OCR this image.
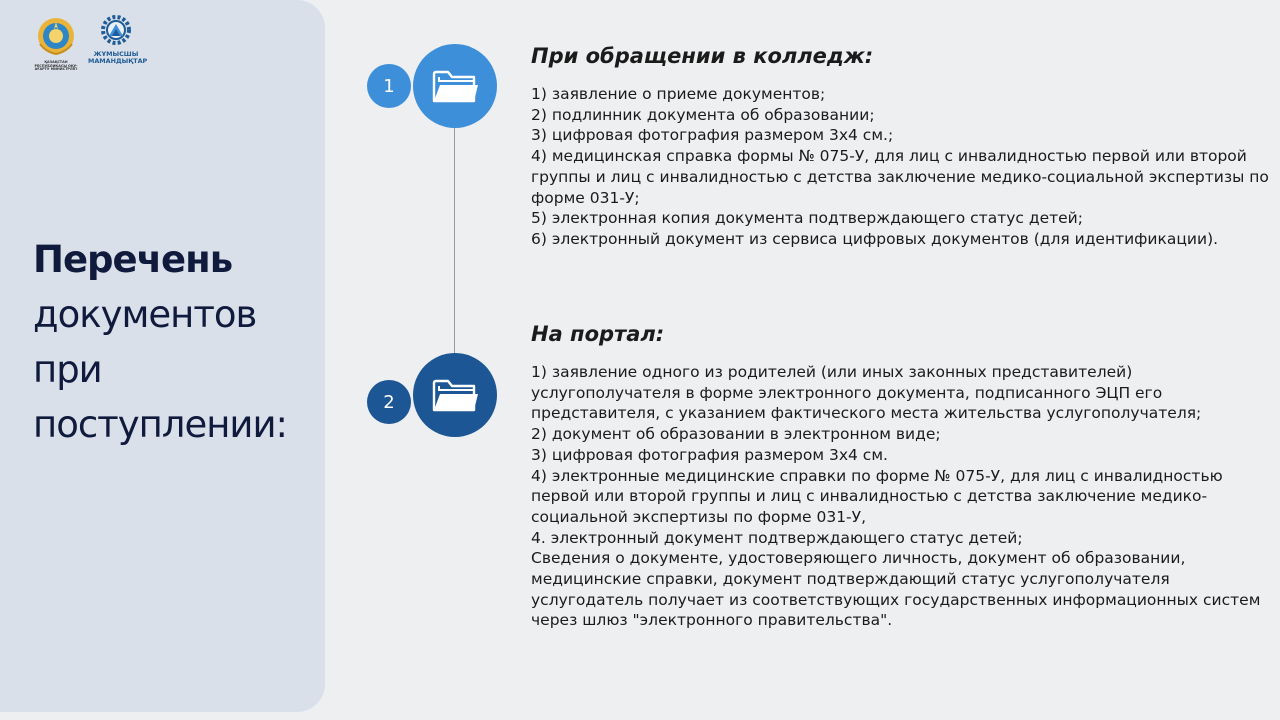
ҚАЗАҚСТАН РЕСПУБЛИКАСЫ ОҚУ-АҒАРТУ МИНИСТРЛІГІ
ЖҰМЫСШЫ МАМАНДЫҚТАР
Перечень
документов
при
поступлении:
1
2
При обращении в колледж:
1) заявление о приеме документов;
2) подлинник документа об образовании;
3) цифровая фотография размером 3х4 см.;
4) медицинская справка формы № 075-У, для лиц с инвалидностью первой или второй группы и лиц с инвалидностью с детства заключение медико-социальной экспертизы по форме 031-У;
5) электронная копия документа подтверждающего статус детей;
6) электронный документ из сервиса цифровых документов (для идентификации).
На портал:
1) заявление одного из родителей (или иных законных представителей) услугополучателя в форме электронного документа, подписанного ЭЦП его представителя, с указанием фактического места жительства услугополучателя;
2) документ об образовании в электронном виде;
3) цифровая фотография размером 3х4 см.
4) электронные медицинские справки по форме № 075-У, для лиц с инвалидностью первой или второй группы и лиц с инвалидностью с детства заключение медико-социальной экспертизы по форме 031-У,
4. электронный документ подтверждающего статус детей;
Сведения о документе, удостоверяющего личность, документ об образовании, медицинские справки, документ подтверждающий статус услугополучателя услугодатель получает из соответствующих государственных информационных систем через шлюз "электронного правительства".
